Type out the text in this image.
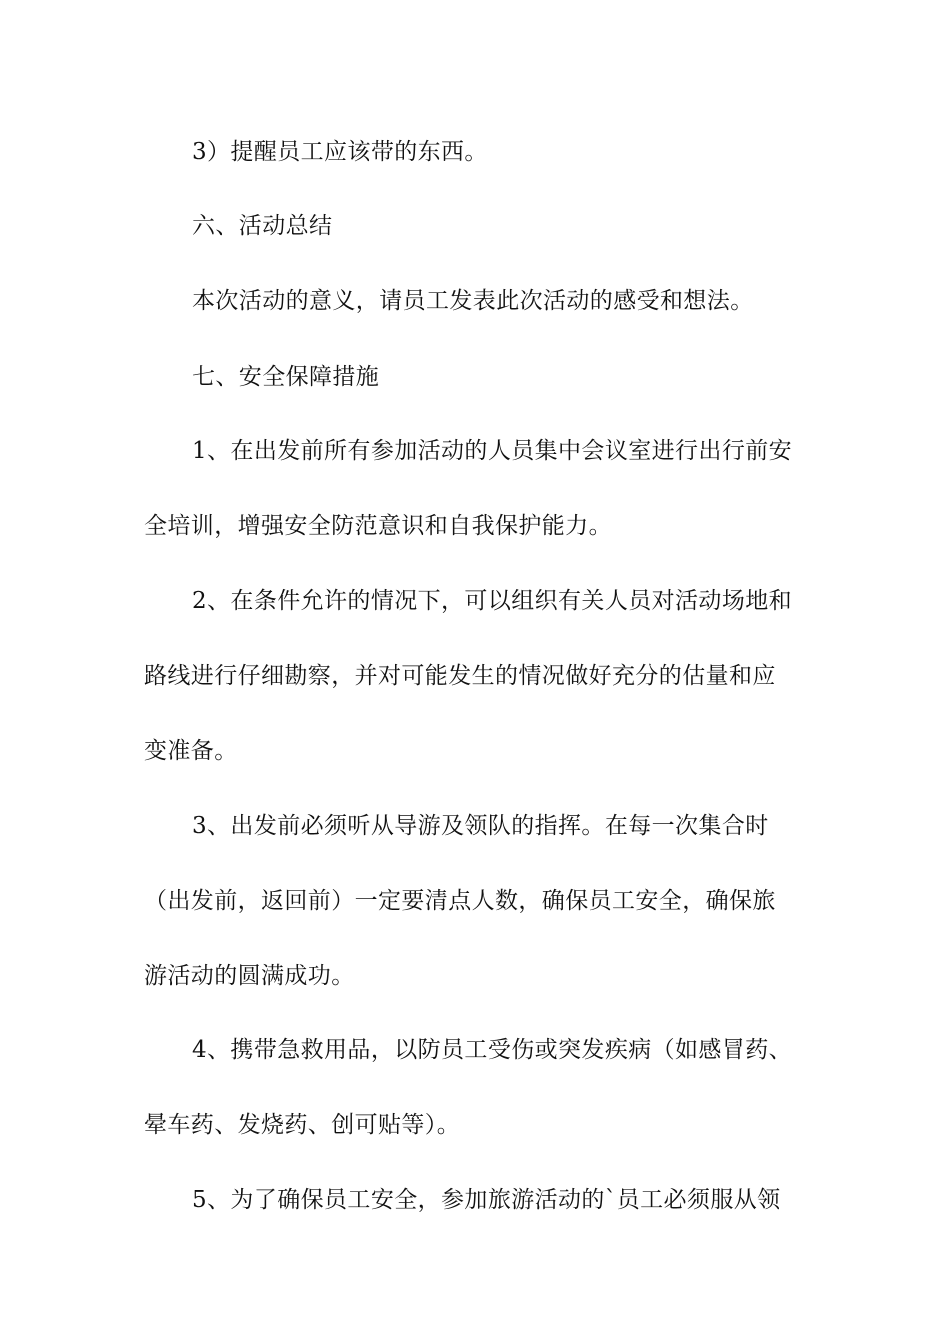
3）提醒员工应该带的东西。
六、活动总结
本次活动的意义，请员工发表此次活动的感受和想法。
七、安全保障措施
1、在出发前所有参加活动的人员集中会议室进行出行前安
全培训，增强安全防范意识和自我保护能力。
2、在条件允许的情况下，可以组织有关人员对活动场地和
路线进行仔细勘察，并对可能发生的情况做好充分的估量和应
变准备。
3、出发前必须听从导游及领队的指挥。在每一次集合时
（出发前，返回前）一定要清点人数，确保员工安全，确保旅
游活动的圆满成功。
4、携带急救用品，以防员工受伤或突发疾病（如感冒药、
晕车药、发烧药、创可贴等）。
5、为了确保员工安全，参加旅游活动的`员工必须服从领
